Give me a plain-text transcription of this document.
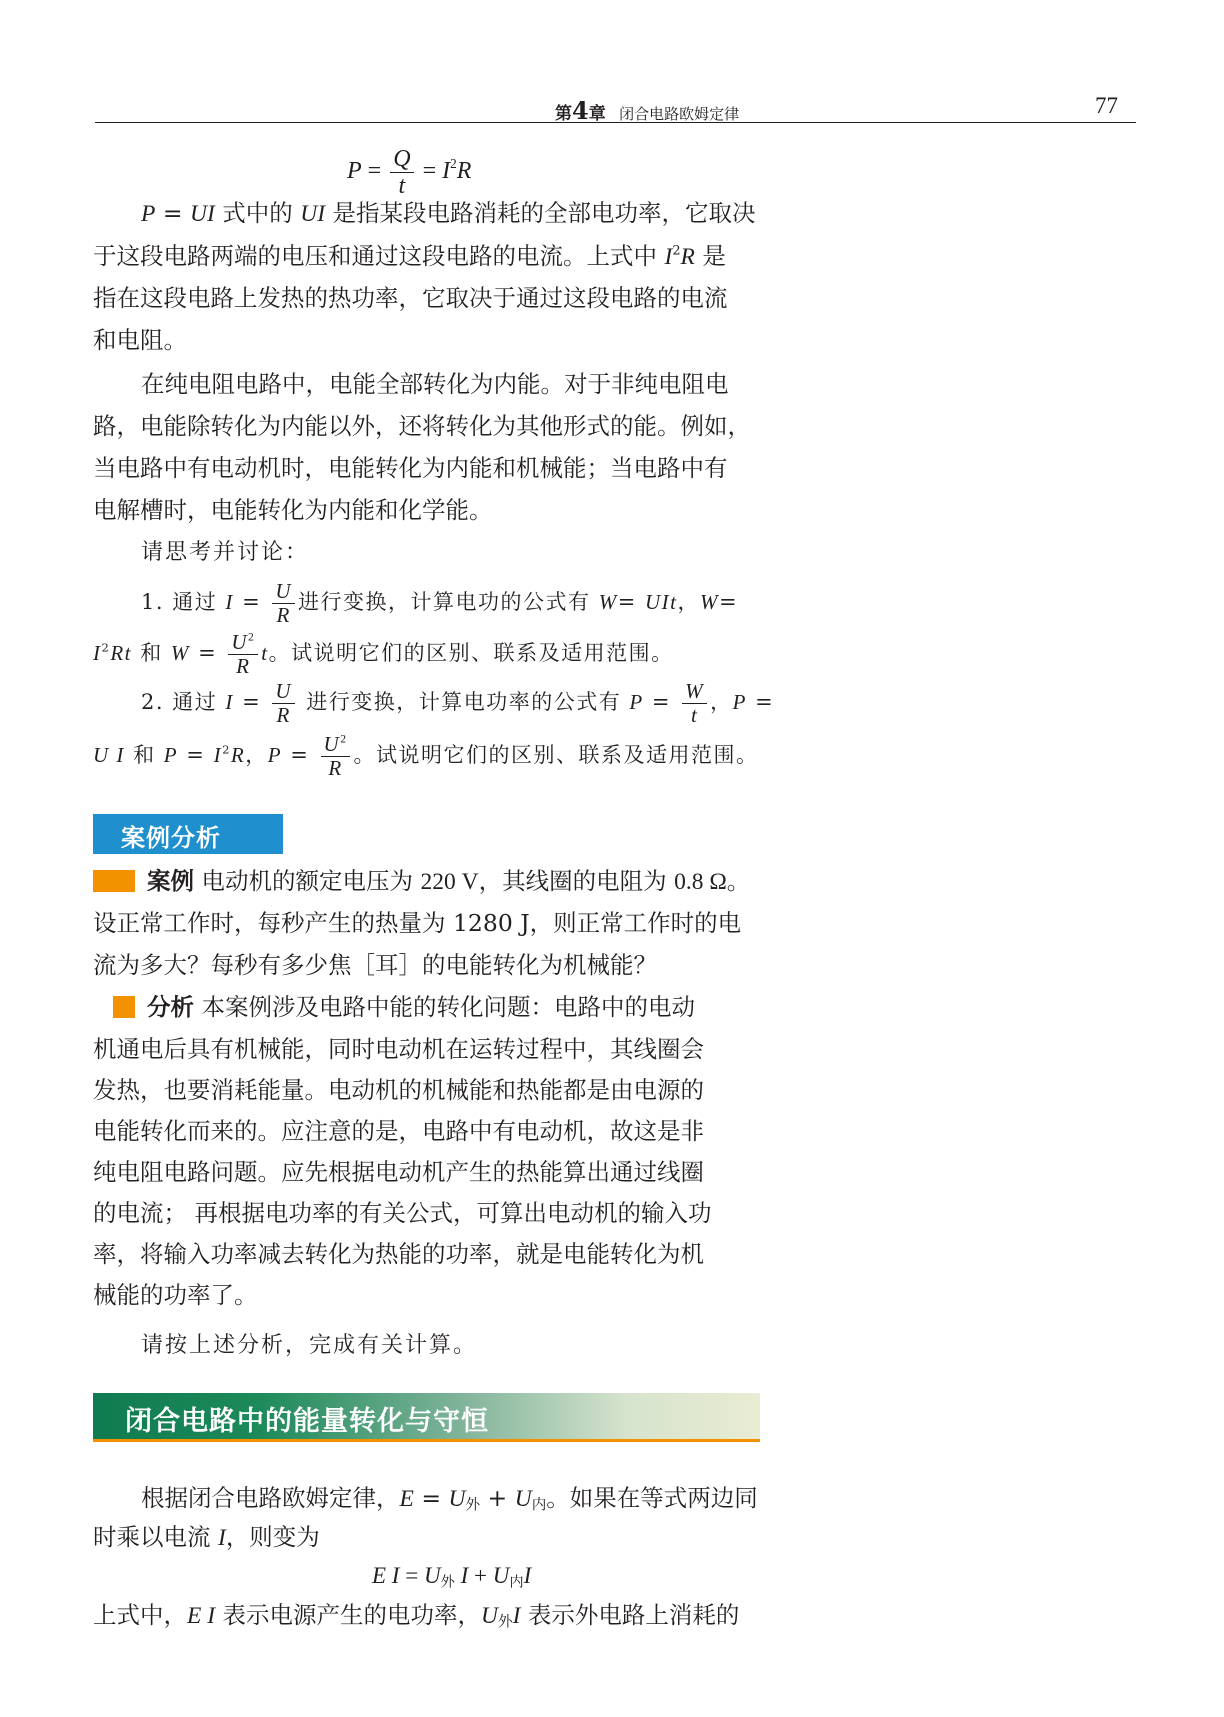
第4章 闭合电路欧姆定律	77
$P = \frac{Q}{t} = I^2R$
P = UI 式中的 UI 是指某段电路消耗的全部电功率，它取决
于这段电路两端的电压和通过这段电路的电流。上式中 $I^2R$ 是
指在这段电路上发热的热功率，它取决于通过这段电路的电流
和电阻。
在纯电阻电路中，电能全部转化为内能。对于非纯电阻电
路，电能除转化为内能以外，还将转化为其他形式的能。例如，
当电路中有电动机时，电能转化为内能和机械能；当电路中有
电解槽时，电能转化为内能和化学能。
请思考并讨论：
1. 通过 $I = \frac{U}{R}$ 进行变换，计算电功的公式有 W= UIt，W=
$I^2Rt$ 和 $W = \frac{U^2}{R}$ t。试说明它们的区别、联系及适用范围。
2. 通过 $I = \frac{U}{R}$ 进行变换，计算电功率的公式有 $P = \frac{W}{t}$ ，P =
U I 和 $P = I^2R$，$P = \frac{U^2}{R}$ 。试说明它们的区别、联系及适用范围。
案例分析
案例 电动机的额定电压为 220 V，其线圈的电阻为 0.8 Ω。
设正常工作时，每秒产生的热量为 1280 J，则正常工作时的电
流为多大？每秒有多少焦［耳］的电能转化为机械能？
分析 本案例涉及电路中能的转化问题：电路中的电动
机通电后具有机械能，同时电动机在运转过程中，其线圈会
发热，也要消耗能量。电动机的机械能和热能都是由电源的
电能转化而来的。应注意的是，电路中有电动机，故这是非
纯电阻电路问题。应先根据电动机产生的热能算出通过线圈
的电流； 再根据电功率的有关公式，可算出电动机的输入功
率，将输入功率减去转化为热能的功率，就是电能转化为机
械能的功率了。
请按上述分析，完成有关计算。
闭合电路中的能量转化与守恒
根据闭合电路欧姆定律，$E = U_外 + U_内$。如果在等式两边同
时乘以电流 I，则变为
E $I = U_外$ $I + U_内I$
上式中，E I 表示电源产生的电功率，$U_外I$ 表示外电路上消耗的
